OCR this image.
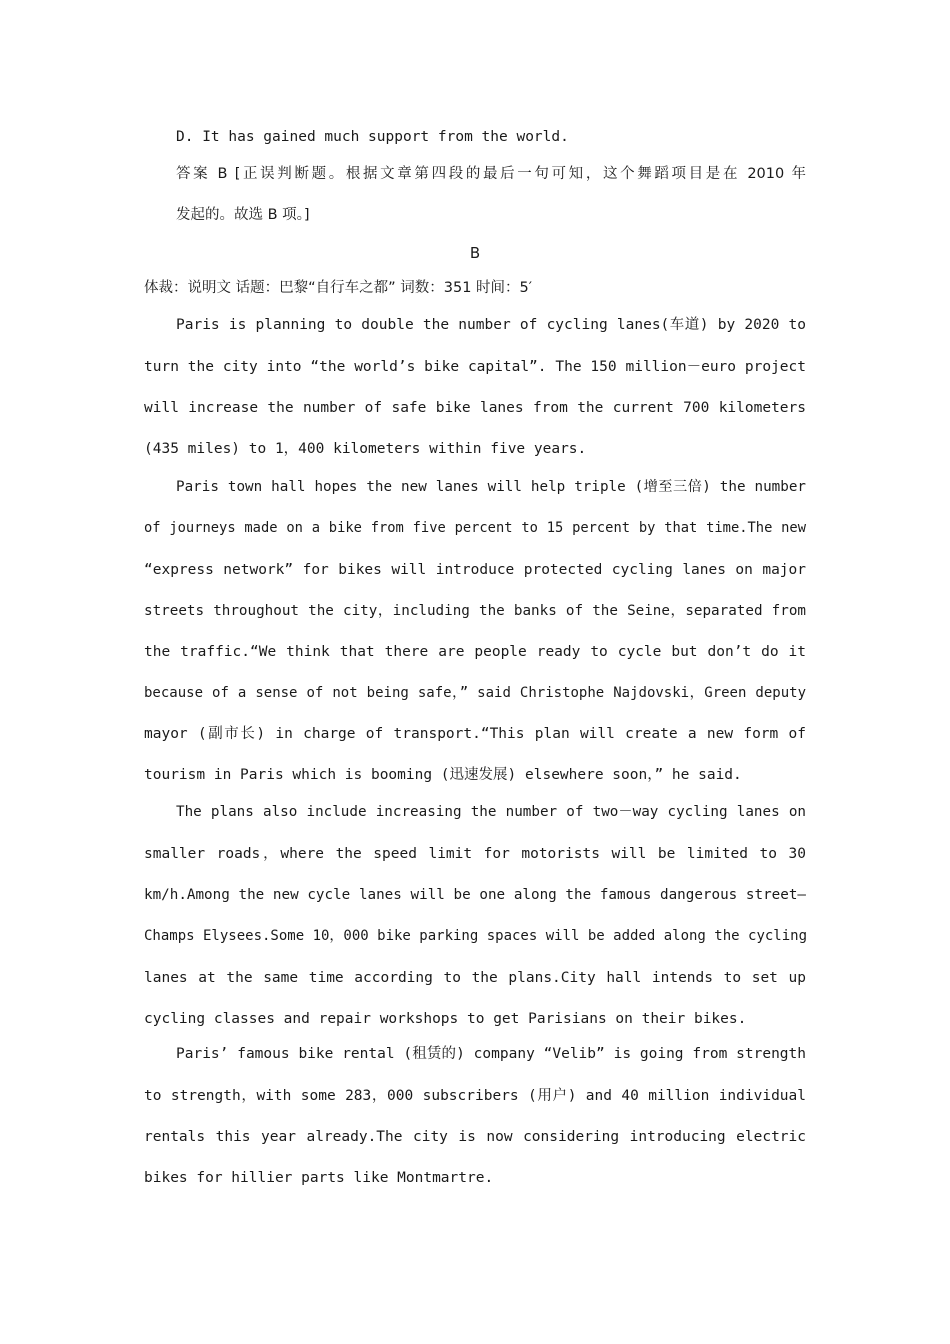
D. It has gained much support from the world.
答案 B [正误判断题。根据文章第四段的最后一句可知，这个舞蹈项目是在 2010 年
发起的。故选 B 项。]
B
体裁：说明文 话题：巴黎“自行车之都” 词数：351 时间：5′
Paris is planning to double the number of cycling lanes(车道) by 2020 to
turn the city into “the world’s bike capital”. The 150 million－euro project
will increase the number of safe bike lanes from the current 700 kilometers
(435 miles) to 1，400 kilometers within five years.
Paris town hall hopes the new lanes will help triple (增至三倍) the number
of journeys made on a bike from five percent to 15 percent by that time.The new
“express network” for bikes will introduce protected cycling lanes on major
streets throughout the city，including the banks of the Seine，separated from
the traffic.“We think that there are people ready to cycle but don’t do it
because of a sense of not being safe，” said Christophe Najdovski，Green deputy
mayor (副市长) in charge of transport.“This plan will create a new form of
tourism in Paris which is booming (迅速发展) elsewhere soon，” he said.
The plans also include increasing the number of two－way cycling lanes on
smaller roads，where the speed limit for motorists will be limited to 30
km/h.Among the new cycle lanes will be one along the famous dangerous street—
Champs Elysees.Some 10，000 bike parking spaces will be added along the cycling
lanes at the same time according to the plans.City hall intends to set up
cycling classes and repair workshops to get Parisians on their bikes.
Paris’ famous bike rental (租赁的) company “Velib” is going from strength
to strength，with some 283，000 subscribers (用户) and 40 million individual
rentals this year already.The city is now considering introducing electric
bikes for hillier parts like Montmartre.
